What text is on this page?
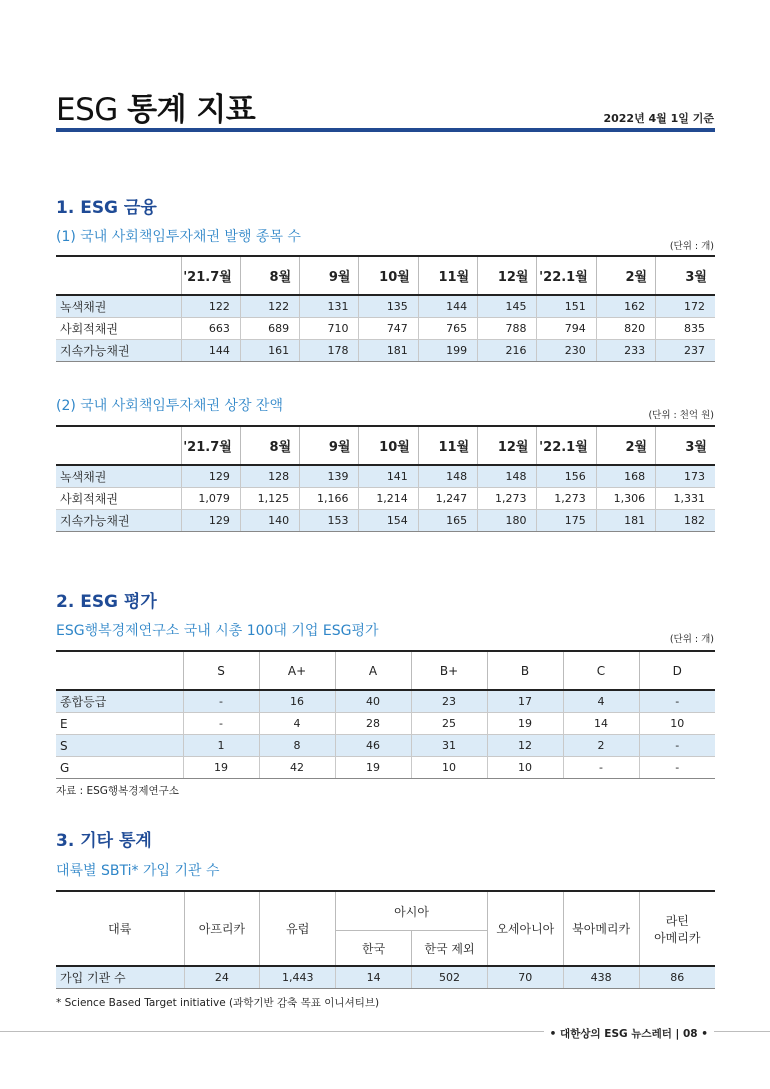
ESG 통계 지표	2022년 4월 1일 기준
1. ESG 금융
(1) 국내 사회책임투자채권 발행 종목 수
(단위 : 개)
	'21.7월	8월	9월	10월	11월	12월	'22.1월	2월	3월
녹색채권	122	122	131	135	144	145	151	162	172
사회적채권	663	689	710	747	765	788	794	820	835
지속가능채권	144	161	178	181	199	216	230	233	237
(2) 국내 사회책임투자채권 상장 잔액
(단위 : 천억 원)
	'21.7월	8월	9월	10월	11월	12월	'22.1월	2월	3월
녹색채권	129	128	139	141	148	148	156	168	173
사회적채권	1,079	1,125	1,166	1,214	1,247	1,273	1,273	1,306	1,331
지속가능채권	129	140	153	154	165	180	175	181	182
2. ESG 평가
ESG행복경제연구소 국내 시총 100대 기업 ESG평가
(단위 : 개)
	S	A+	A	B+	B	C	D
종합등급	-	16	40	23	17	4	-
E	-	4	28	25	19	14	10
S	1	8	46	31	12	2	-
G	19	42	19	10	10	-	-
자료 : ESG행복경제연구소
3. 기타 통계
대륙별 SBTi* 가입 기관 수
대륙	아프리카	유럽	아시아		오세아니아	북아메리카	라틴
아메리카
			한국	한국 제외			
가입 기관 수	24	1,443	14	502	70	438	86
* Science Based Target initiative (과학기반 감축 목표 이니셔티브)
• 대한상의 ESG 뉴스레터 | 08 •
